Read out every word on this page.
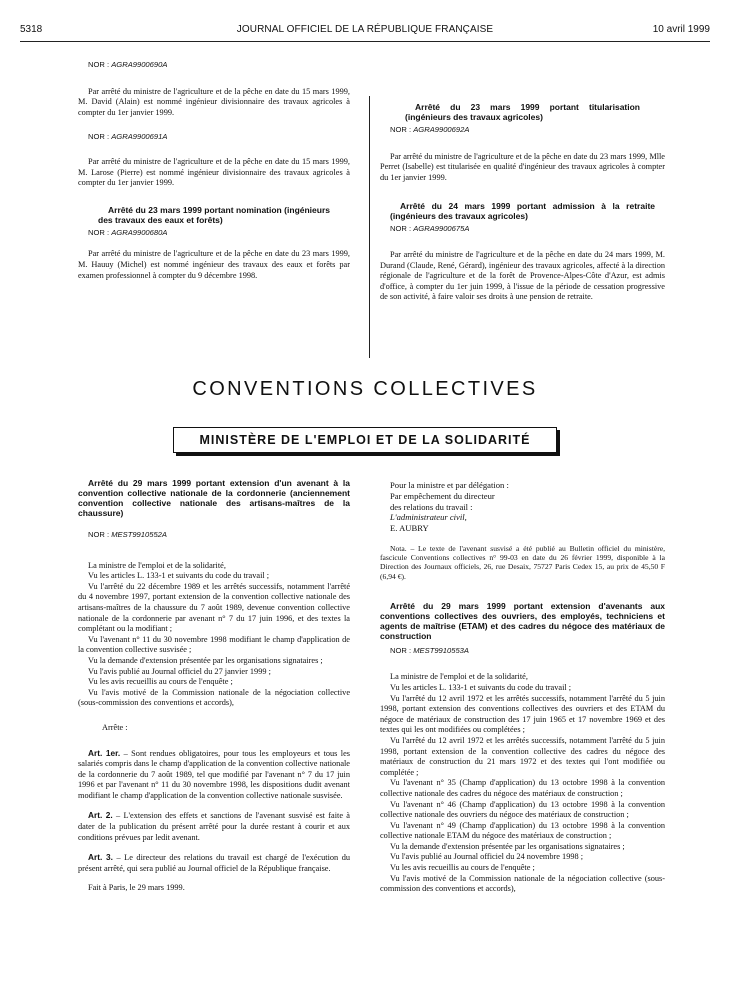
5318	JOURNAL OFFICIEL DE LA RÉPUBLIQUE FRANÇAISE	10 avril 1999

NOR : AGRA9900690A

Par arrêté du ministre de l'agriculture et de la pêche en date du 15 mars 1999, M. David (Alain) est nommé ingénieur divisionnaire des travaux agricoles à compter du 1er janvier 1999.

NOR : AGRA9900691A

Par arrêté du ministre de l'agriculture et de la pêche en date du 15 mars 1999, M. Larose (Pierre) est nommé ingénieur divisionnaire des travaux agricoles à compter du 1er janvier 1999.

Arrêté du 23 mars 1999 portant nomination (ingénieurs des travaux des eaux et forêts)

NOR : AGRA9900680A

Par arrêté du ministre de l'agriculture et de la pêche en date du 23 mars 1999, M. Hauuy (Michel) est nommé ingénieur des travaux des eaux et forêts par examen professionnel à compter du 9 décembre 1998.

Arrêté du 23 mars 1999 portant titularisation (ingénieurs des travaux agricoles)

NOR : AGRA9900692A

Par arrêté du ministre de l'agriculture et de la pêche en date du 23 mars 1999, Mlle Perret (Isabelle) est titularisée en qualité d'ingénieur des travaux agricoles à compter du 1er janvier 1999.

Arrêté du 24 mars 1999 portant admission à la retraite (ingénieurs des travaux agricoles)

NOR : AGRA9900675A

Par arrêté du ministre de l'agriculture et de la pêche en date du 24 mars 1999, M. Durand (Claude, René, Gérard), ingénieur des travaux agricoles, affecté à la direction régionale de l'agriculture et de la forêt de Provence-Alpes-Côte d'Azur, est admis d'office, à compter du 1er juin 1999, à l'issue de la période de cessation progressive de son activité, à faire valoir ses droits à une pension de retraite.

CONVENTIONS COLLECTIVES
MINISTÈRE DE L'EMPLOI ET DE LA SOLIDARITÉ

Arrêté du 29 mars 1999 portant extension d'un avenant à la convention collective nationale de la cordonnerie (anciennement convention collective nationale des artisans-maîtres de la chaussure)

NOR : MEST9910552A

La ministre de l'emploi et de la solidarité,

Vu les articles L. 133-1 et suivants du code du travail ;

Vu l'arrêté du 22 décembre 1989 et les arrêtés successifs, notamment l'arrêté du 4 novembre 1997, portant extension de la convention collective nationale des artisans-maîtres de la chaussure du 7 août 1989, devenue convention collective nationale de la cordonnerie par avenant n° 7 du 17 juin 1996, et des textes la complétant ou la modifiant ;

Vu l'avenant n° 11 du 30 novembre 1998 modifiant le champ d'application de la convention collective susvisée ;

Vu la demande d'extension présentée par les organisations signataires ;

Vu l'avis publié au Journal officiel du 27 janvier 1999 ;

Vu les avis recueillis au cours de l'enquête ;

Vu l'avis motivé de la Commission nationale de la négociation collective (sous-commission des conventions et accords),

Arrête :

Art. 1er. – Sont rendues obligatoires, pour tous les employeurs et tous les salariés compris dans le champ d'application de la convention collective nationale de la cordonnerie du 7 août 1989, tel que modifié par l'avenant n° 7 du 17 juin 1996 et par l'avenant n° 11 du 30 novembre 1998, les dispositions dudit avenant modifiant le champ d'application de la convention collective nationale susvisée.

Art. 2. – L'extension des effets et sanctions de l'avenant susvisé est faite à dater de la publication du présent arrêté pour la durée restant à courir et aux conditions prévues par ledit avenant.

Art. 3. – Le directeur des relations du travail est chargé de l'exécution du présent arrêté, qui sera publié au Journal officiel de la République française.

Fait à Paris, le 29 mars 1999.

Pour la ministre et par délégation :

Par empêchement du directeur

des relations du travail :

L'administrateur civil,

E. AUBRY

Nota. – Le texte de l'avenant susvisé a été publié au Bulletin officiel du ministère, fascicule Conventions collectives n° 99-03 en date du 26 février 1999, disponible à la Direction des Journaux officiels, 26, rue Desaix, 75727 Paris Cedex 15, au prix de 45,50 F (6,94 €).

Arrêté du 29 mars 1999 portant extension d'avenants aux conventions collectives des ouvriers, des employés, techniciens et agents de maîtrise (ETAM) et des cadres du négoce des matériaux de construction

NOR : MEST9910553A

La ministre de l'emploi et de la solidarité,

Vu les articles L. 133-1 et suivants du code du travail ;

Vu l'arrêté du 12 avril 1972 et les arrêtés successifs, notamment l'arrêté du 5 juin 1998, portant extension des conventions collectives des ouvriers et des ETAM du négoce de matériaux de construction des 17 juin 1965 et 17 novembre 1969 et des textes qui les ont modifiées ou complétées ;

Vu l'arrêté du 12 avril 1972 et les arrêtés successifs, notamment l'arrêté du 5 juin 1998, portant extension de la convention collective des cadres du négoce des matériaux de construction du 21 mars 1972 et des textes qui l'ont modifiée ou complétée ;

Vu l'avenant n° 35 (Champ d'application) du 13 octobre 1998 à la convention collective nationale des cadres du négoce des matériaux de construction ;

Vu l'avenant n° 46 (Champ d'application) du 13 octobre 1998 à la convention collective nationale des ouvriers du négoce des matériaux de construction ;

Vu l'avenant n° 49 (Champ d'application) du 13 octobre 1998 à la convention collective nationale ETAM du négoce des matériaux de construction ;

Vu la demande d'extension présentée par les organisations signataires ;

Vu l'avis publié au Journal officiel du 24 novembre 1998 ;

Vu les avis recueillis au cours de l'enquête ;

Vu l'avis motivé de la Commission nationale de la négociation collective (sous-commission des conventions et accords),
